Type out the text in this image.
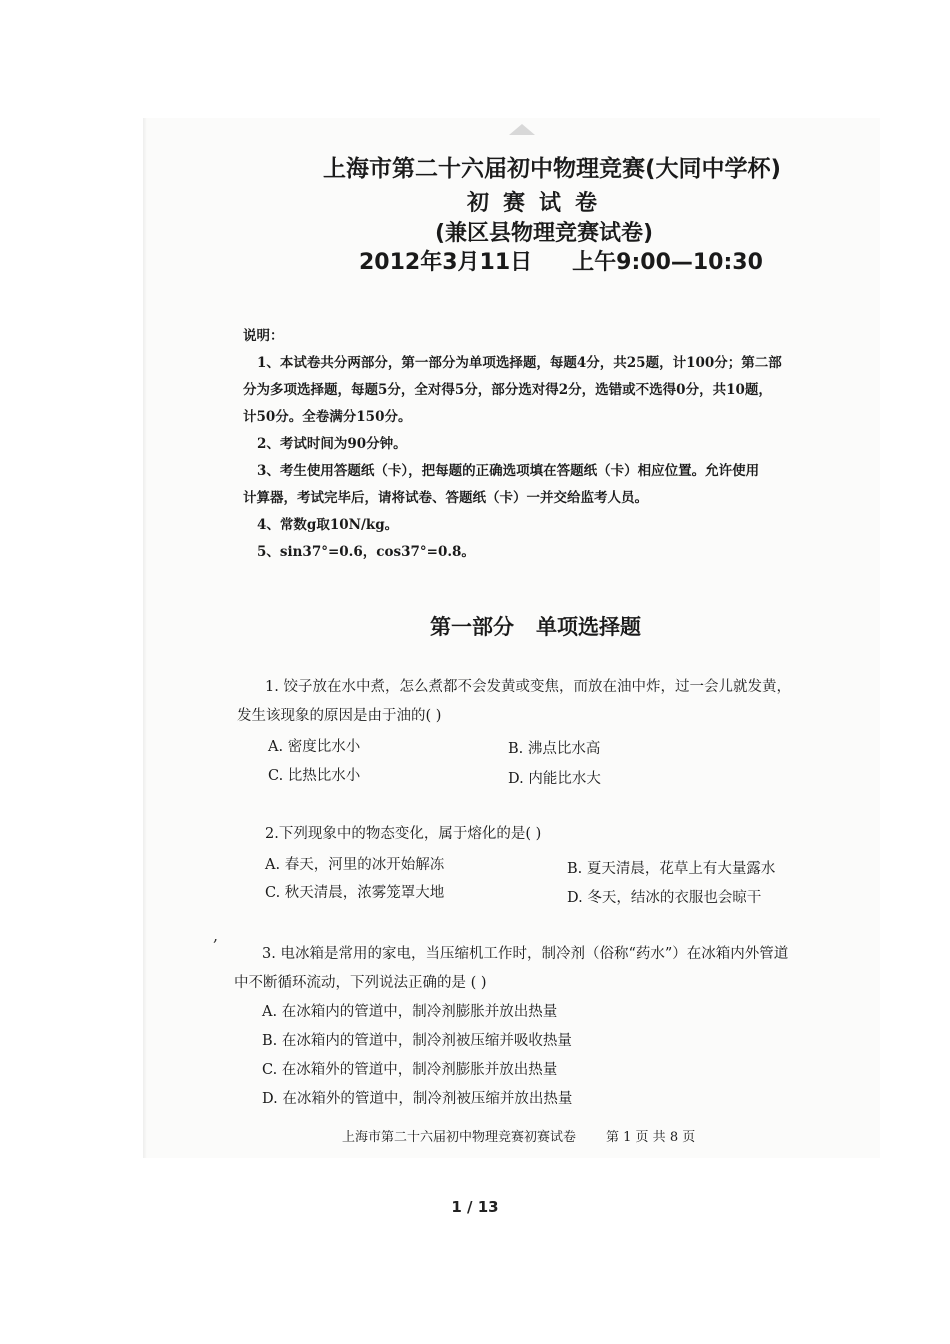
上海市第二十六届初中物理竞赛(大同中学杯)
初赛试卷
(兼区县物理竞赛试卷)
2012年3月11日 上午9:00—10:30
说明：
1、本试卷共分两部分，第一部分为单项选择题，每题4分，共25题，计100分；第二部
分为多项选择题，每题5分，全对得5分，部分选对得2分，选错或不选得0分，共10题，
计50分。全卷满分150分。
2、考试时间为90分钟。
3、考生使用答题纸（卡），把每题的正确选项填在答题纸（卡）相应位置。允许使用
计算器，考试完毕后，请将试卷、答题纸（卡）一并交给监考人员。
4、常数g取10N/kg。
5、sin37°=0.6，cos37°=0.8。
第一部分 单项选择题
1. 饺子放在水中煮，怎么煮都不会发黄或变焦，而放在油中炸，过一会儿就发黄，
发生该现象的原因是由于油的( )
A. 密度比水小	B. 沸点比水高
C. 比热比水小	D. 内能比水大
2.下列现象中的物态变化，属于熔化的是( )
A. 春天，河里的冰开始解冻	B. 夏天清晨，花草上有大量露水
C. 秋天清晨，浓雾笼罩大地	D. 冬天，结冰的衣服也会晾干
,
3. 电冰箱是常用的家电，当压缩机工作时，制冷剂（俗称“药水”）在冰箱内外管道
中不断循环流动，下列说法正确的是 ( )
A. 在冰箱内的管道中，制冷剂膨胀并放出热量
B. 在冰箱内的管道中，制冷剂被压缩并吸收热量
C. 在冰箱外的管道中，制冷剂膨胀并放出热量
D. 在冰箱外的管道中，制冷剂被压缩并放出热量
上海市第二十六届初中物理竞赛初赛试卷 第 1 页 共 8 页
1 / 13
